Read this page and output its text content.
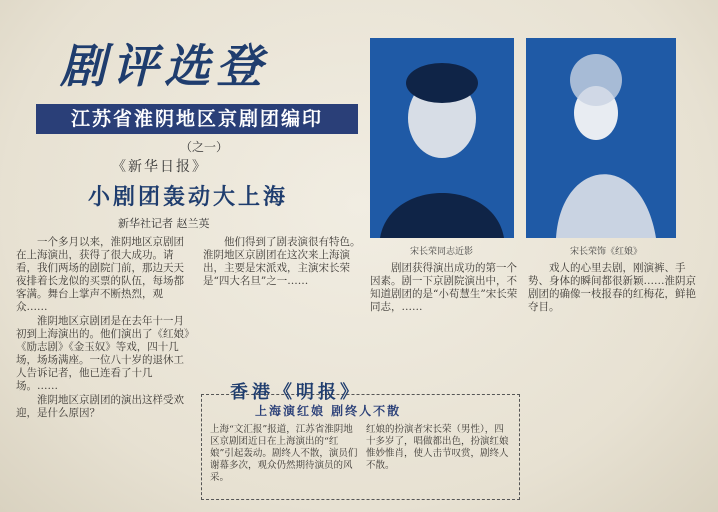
剧评选登
江苏省淮阴地区京剧团编印
（之一）
《新华日报》
小剧团轰动大上海
新华社记者 赵兰英
宋长荣同志近影	宋长荣饰《红娘》

一个多月以来，淮阴地区京剧团在上海演出，获得了很大成功。请看，我们两场的剧院门前，那边天天夜排着长龙似的买票的队伍，每场都客满。舞台上掌声不断热烈，观众……

淮阴地区京剧团是在去年十一月初到上海演出的。他们演出了《红娘》《励志剧》《金玉奴》等戏，四十几场，场场满座。一位八十岁的退休工人告诉记者，他已连看了十几场。……

淮阴地区京剧团的演出这样受欢迎，是什么原因？

他们得到了剧表演很有特色。淮阴地区京剧团在这次来上海演出，主要是宋派戏，主演宋长荣是“四大名旦”之一……

剧团获得演出成功的第一个因素。剧一下京剧院演出中，不知道剧团的是“小荀慧生”宋长荣同志，……

戏人的心里去剧，刚演裤、手势、身体的瞬间都很新颖……淮阴京剧团的确像一枝报春的红梅花，鲜艳夺目。

香港《明报》
上海演红娘 剧终人不散
上海“文汇报”报道，江苏省淮阴地区京剧团近日在上海演出的“红娘”引起轰动。剧终人不散，演员们谢幕多次，观众仍然期待演员的风采。
红娘的扮演者宋长荣（男性），四十多岁了，唱做都出色，扮演红娘惟妙惟肖，使人击节叹赏，剧终人不散。
